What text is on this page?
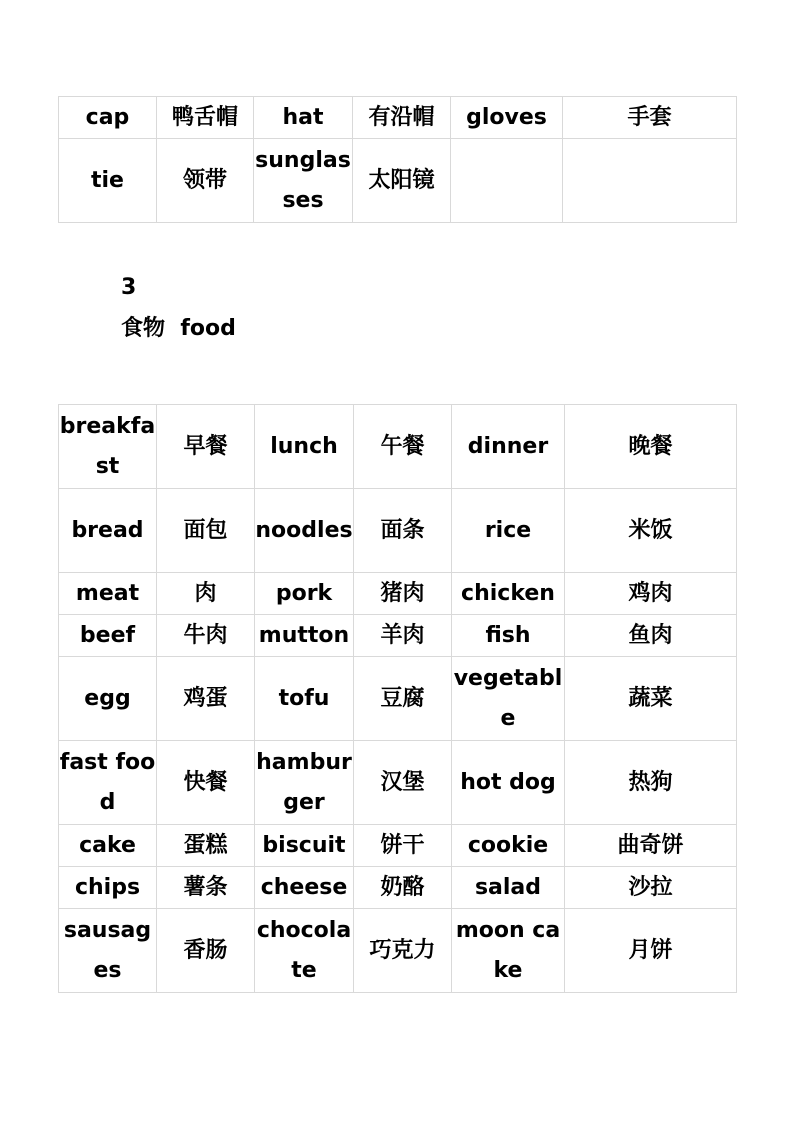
cap	鸭舌帽	hat	有沿帽	gloves	手套
tie	领带	sunglasses	太阳镜		
3
食物  food
breakfast	早餐	lunch	午餐	dinner	晚餐
bread	面包	noodles	面条	rice	米饭
meat	肉	pork	猪肉	chicken	鸡肉
beef	牛肉	mutton	羊肉	fish	鱼肉
egg	鸡蛋	tofu	豆腐	vegetable	蔬菜
fast food	快餐	hamburger	汉堡	hot dog	热狗
cake	蛋糕	biscuit	饼干	cookie	曲奇饼
chips	薯条	cheese	奶酪	salad	沙拉
sausages	香肠	chocolate	巧克力	moon cake	月饼
